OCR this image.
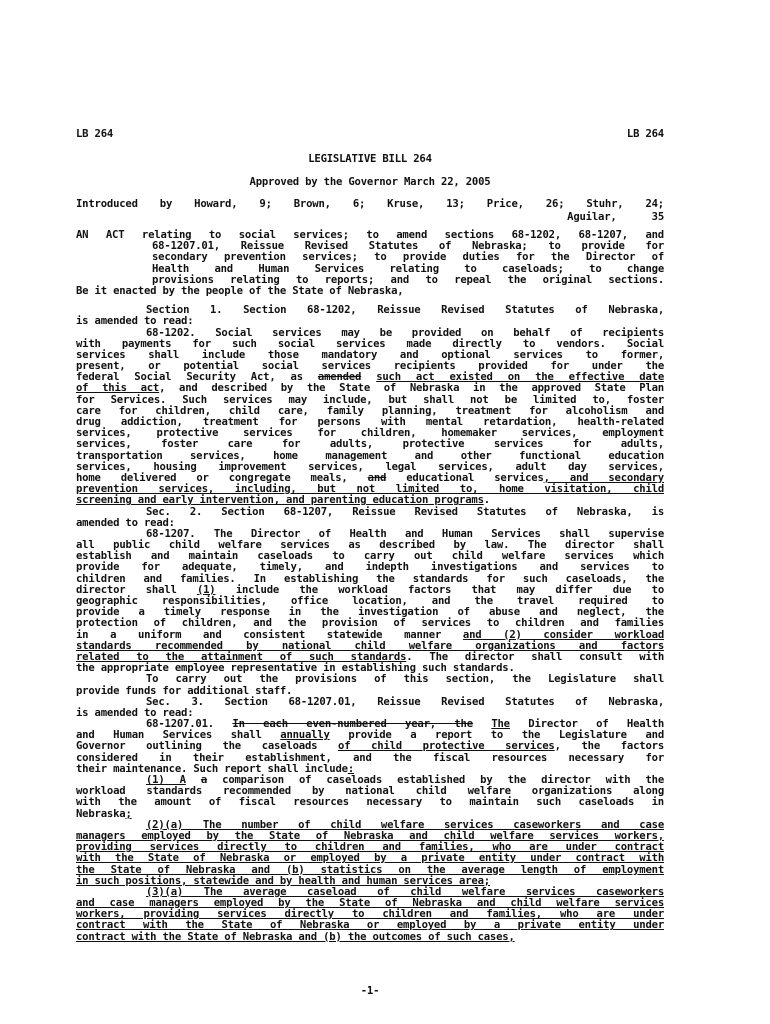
LB 264	LB 264
LEGISLATIVE BILL 264
Approved by the Governor March 22, 2005
Introduced by Howard, 9; Brown, 6; Kruse, 13; Price, 26; Stuhr, 24;
Aguilar, 35
AN ACT relating to social services; to amend sections 68-1202, 68-1207, and
68-1207.01, Reissue Revised Statutes of Nebraska; to provide for
secondary prevention services; to provide duties for the Director of
Health and Human Services relating to caseloads; to change
provisions relating to reports; and to repeal the original sections.
Be it enacted by the people of the State of Nebraska,
Section 1. Section 68-1202, Reissue Revised Statutes of Nebraska,
is amended to read:
68-1202. Social services may be provided on behalf of recipients
with payments for such social services made directly to vendors. Social
services shall include those mandatory and optional services to former,
present, or potential social services recipients provided for under the
federal Social Security Act, as amended such act existed on the effective date
of this act, and described by the State of Nebraska in the approved State Plan
for Services. Such services may include, but shall not be limited to, foster
care for children, child care, family planning, treatment for alcoholism and
drug addiction, treatment for persons with mental retardation, health-related
services, protective services for children, homemaker services, employment
services, foster care for adults, protective services for adults,
transportation services, home management and other functional education
services, housing improvement services, legal services, adult day services,
home delivered or congregate meals, and educational services, and secondary
prevention services, including, but not limited to, home visitation, child
screening and early intervention, and parenting education programs.
Sec. 2. Section 68-1207, Reissue Revised Statutes of Nebraska, is
amended to read:
68-1207. The Director of Health and Human Services shall supervise
all public child welfare services as described by law. The director shall
establish and maintain caseloads to carry out child welfare services which
provide for adequate, timely, and indepth investigations and services to
children and families. In establishing the standards for such caseloads, the
director shall (1) include the workload factors that may differ due to
geographic responsibilities, office location, and the travel required to
provide a timely response in the investigation of abuse and neglect, the
protection of children, and the provision of services to children and families
in a uniform and consistent statewide manner and (2) consider workload
standards recommended by national child welfare organizations and factors
related to the attainment of such standards. The director shall consult with
the appropriate employee representative in establishing such standards.
To carry out the provisions of this section, the Legislature shall
provide funds for additional staff.
Sec. 3. Section 68-1207.01, Reissue Revised Statutes of Nebraska,
is amended to read:
68-1207.01. In each even-numbered year, the The Director of Health
and Human Services shall annually provide a report to the Legislature and
Governor outlining the caseloads of child protective services, the factors
considered in their establishment, and the fiscal resources necessary for
their maintenance. Such report shall include:
(1) A a comparison of caseloads established by the director with the
workload standards recommended by national child welfare organizations along
with the amount of fiscal resources necessary to maintain such caseloads in
Nebraska;
(2)(a) The number of child welfare services caseworkers and case
managers employed by the State of Nebraska and child welfare services workers,
providing services directly to children and families, who are under contract
with the State of Nebraska or employed by a private entity under contract with
the State of Nebraska and (b) statistics on the average length of employment
in such positions, statewide and by health and human services area;
(3)(a) The average caseload of child welfare services caseworkers
and case managers employed by the State of Nebraska and child welfare services
workers, providing services directly to children and families, who are under
contract with the State of Nebraska or employed by a private entity under
contract with the State of Nebraska and (b) the outcomes of such cases,
-1-
